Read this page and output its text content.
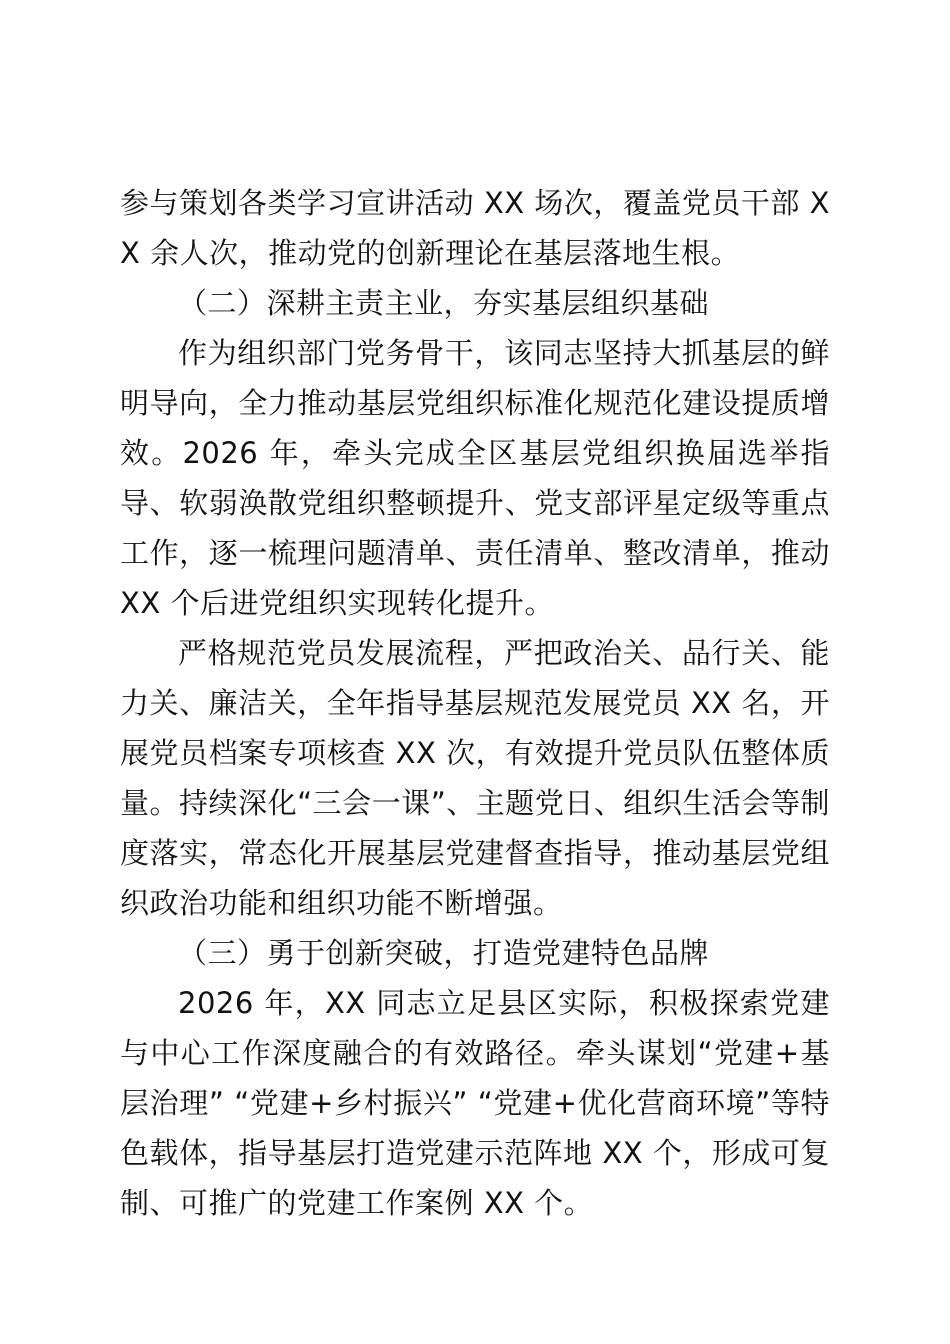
参与策划各类学习宣讲活动 XX 场次，覆盖党员干部 XX 余人次，推动党的创新理论在基层落地生根。

（二）深耕主责主业，夯实基层组织基础

作为组织部门党务骨干，该同志坚持大抓基层的鲜明导向，全力推动基层党组织标准化规范化建设提质增效。2026 年，牵头完成全区基层党组织换届选举指导、软弱涣散党组织整顿提升、党支部评星定级等重点工作，逐一梳理问题清单、责任清单、整改清单，推动 XX 个后进党组织实现转化提升。

严格规范党员发展流程，严把政治关、品行关、能力关、廉洁关，全年指导基层规范发展党员 XX 名，开展党员档案专项核查 XX 次，有效提升党员队伍整体质量。持续深化“三会一课”、主题党日、组织生活会等制度落实，常态化开展基层党建督查指导，推动基层党组织政治功能和组织功能不断增强。

（三）勇于创新突破，打造党建特色品牌

2026 年，XX 同志立足县区实际，积极探索党建与中心工作深度融合的有效路径。牵头谋划“党建+基层治理” “党建+乡村振兴” “党建+优化营商环境”等特色载体，指导基层打造党建示范阵地 XX 个，形成可复制、可推广的党建工作案例 XX 个。
